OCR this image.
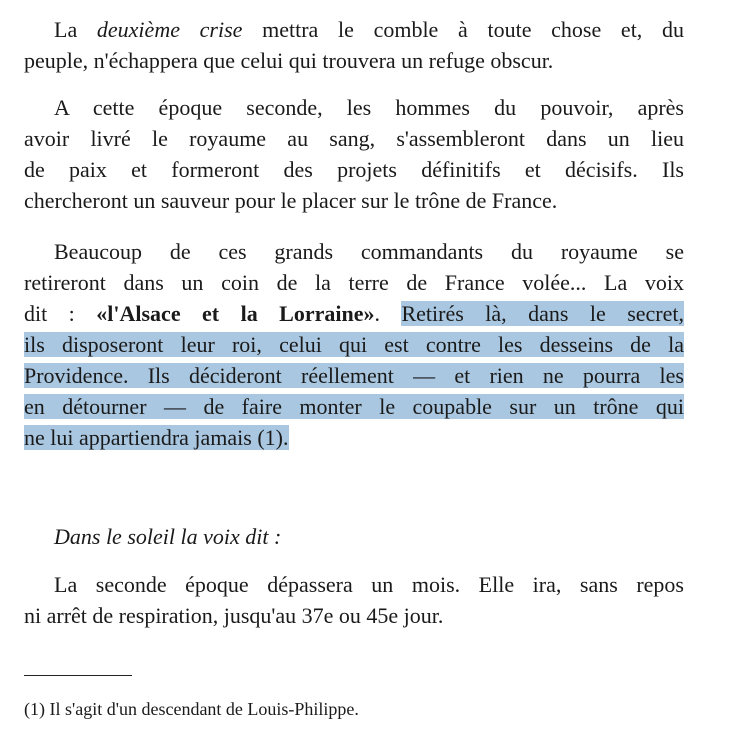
La deuxième crise mettra le comble à toute chose et, du
peuple, n'échappera que celui qui trouvera un refuge obscur.

A cette époque seconde, les hommes du pouvoir, après
avoir livré le royaume au sang, s'assembleront dans un lieu
de paix et formeront des projets définitifs et décisifs. Ils
chercheront un sauveur pour le placer sur le trône de France.

Beaucoup de ces grands commandants du royaume se
retireront dans un coin de la terre de France volée... La voix
dit : «l'Alsace et la Lorraine». Retirés là, dans le secret,
ils disposeront leur roi, celui qui est contre les desseins de la
Providence. Ils décideront réellement — et rien ne pourra les
en détourner — de faire monter le coupable sur un trône qui
ne lui appartiendra jamais (1).

Dans le soleil la voix dit :

La seconde époque dépassera un mois. Elle ira, sans repos
ni arrêt de respiration, jusqu'au 37e ou 45e jour.

(1) Il s'agit d'un descendant de Louis-Philippe.
